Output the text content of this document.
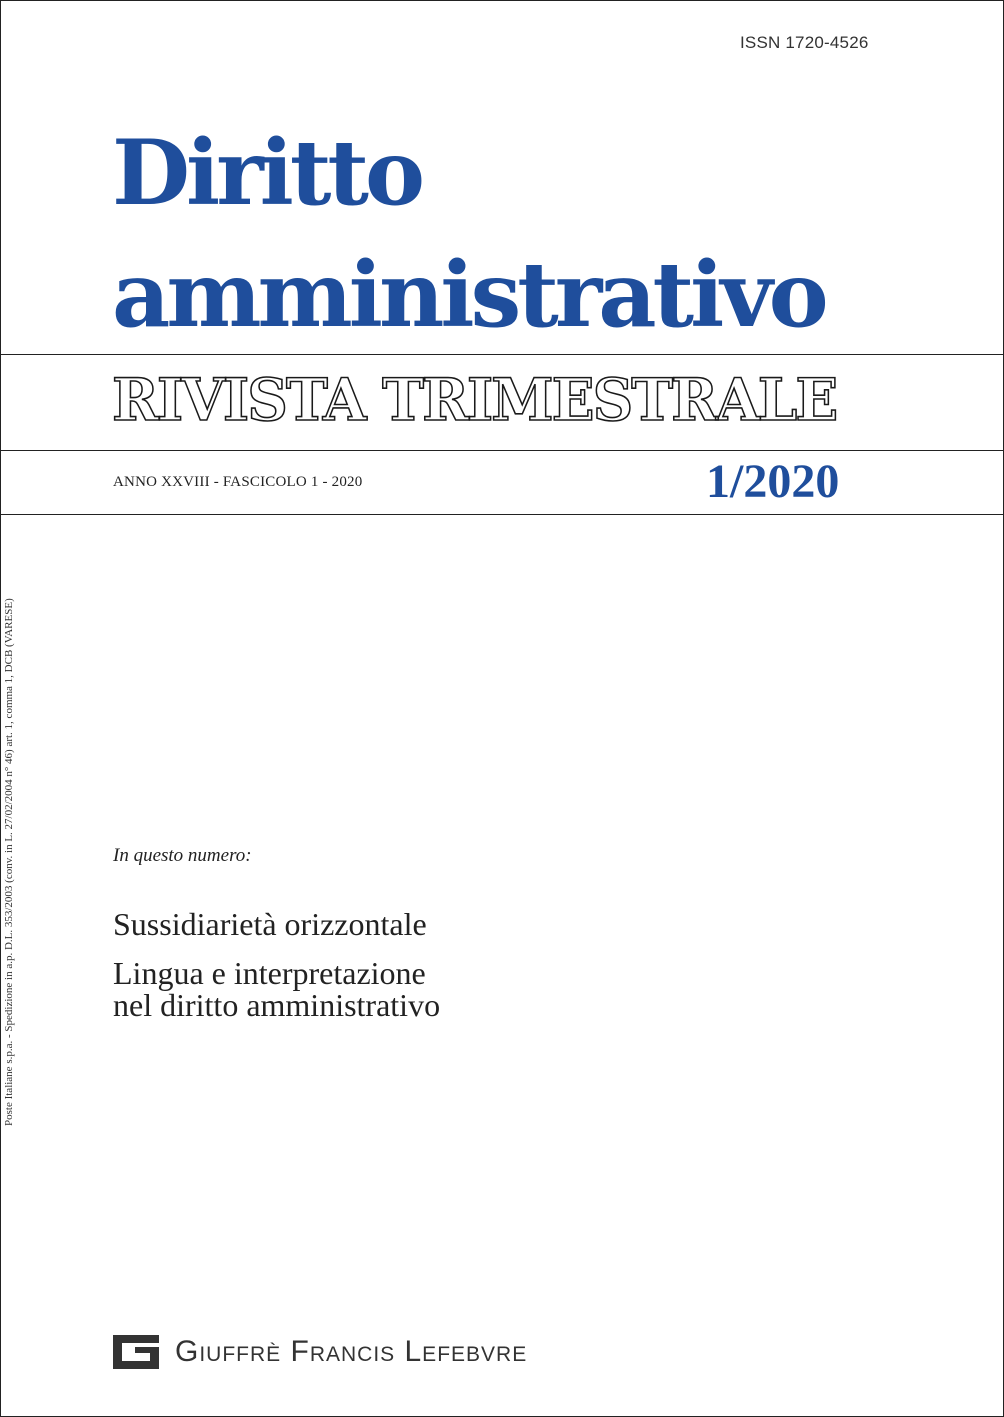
ISSN 1720-4526
Diritto
amministrativo
RIVISTA TRIMESTRALE
ANNO XXVIII - FASCICOLO 1 - 2020	1/2020
Poste Italiane s.p.a. - Spedizione in a.p. D.L. 353/2003 (conv. in L. 27/02/2004 n° 46) art. 1, comma 1, DCB (VARESE)	In questo numero:
Sussidiarietà orizzontale
Lingua e interpretazione
nel diritto amministrativo
Giuffrè Francis Lefebvre
